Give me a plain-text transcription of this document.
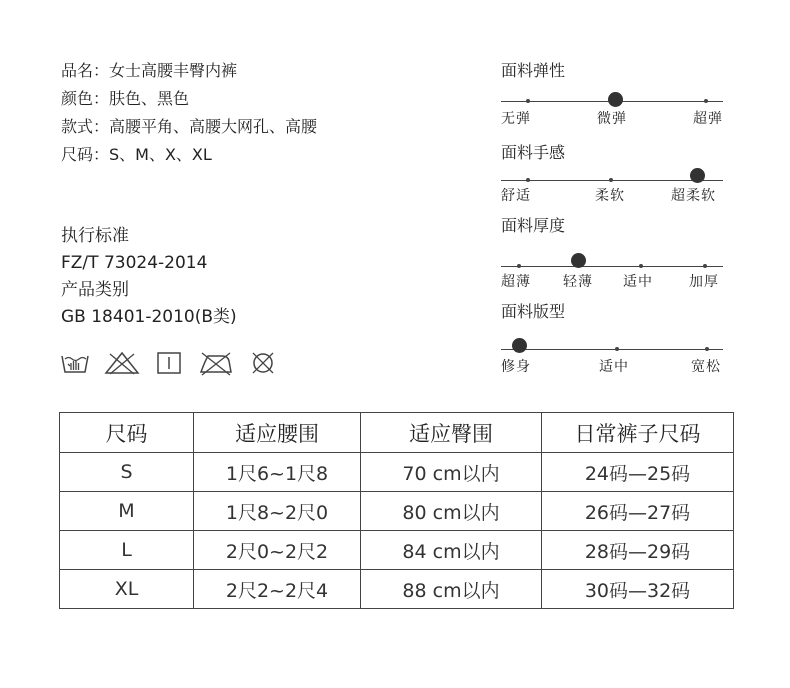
品名：女士高腰丰臀内裤
颜色：肤色、黑色
款式：高腰平角、高腰大网孔、高腰
尺码：S、M、X、XL
执行标准
FZ/T 73024-2014
产品类别
GB 18401-2010(B类)
面料弹性
无弹	微弹	超弹
面料手感
舒适	柔软	超柔软
面料厚度
超薄 轻薄 适中	加厚
面料版型
修身	适中	宽松
尺码	适应腰围	适应臀围	日常裤子尺码
S	1尺6~1尺8	70 cm以内	24码—25码
M	1尺8~2尺0	80 cm以内	26码—27码
L	2尺0~2尺2	84 cm以内	28码—29码
XL	2尺2~2尺4	88 cm以内	30码—32码
